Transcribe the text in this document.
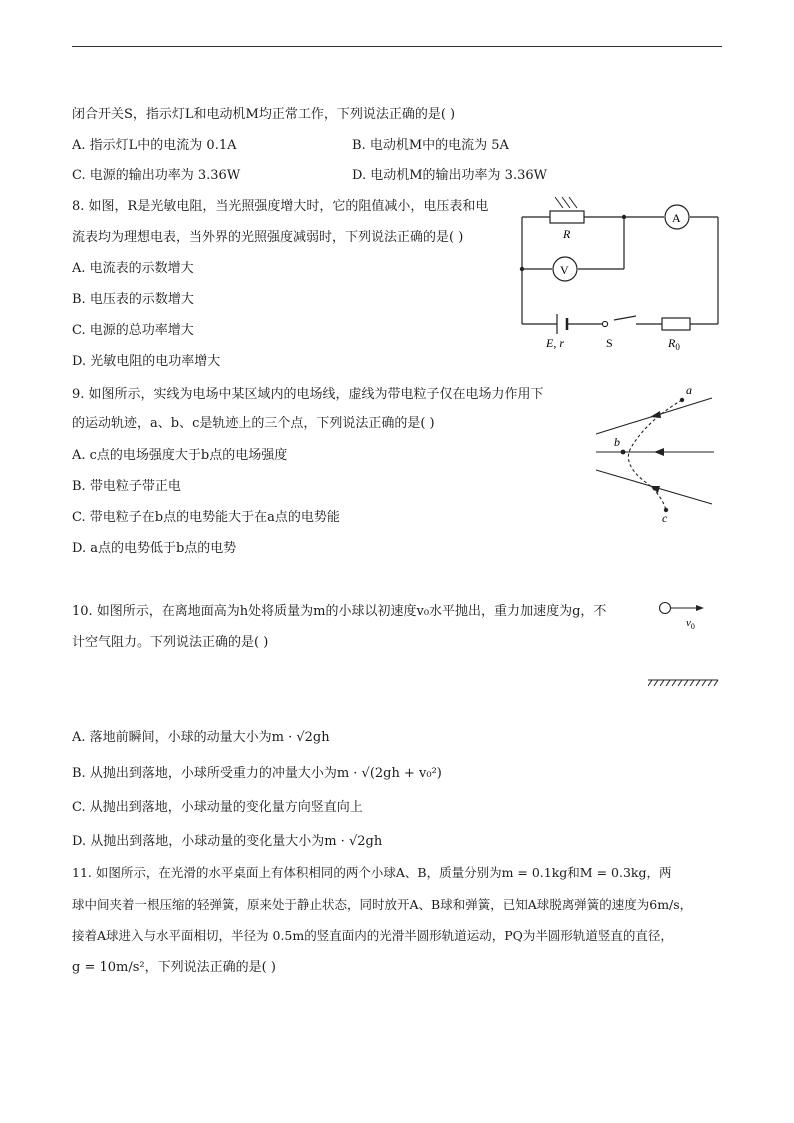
闭合开关S，指示灯L和电动机M均正常工作，下列说法正确的是( )
A. 指示灯L中的电流为 0.1A	B. 电动机M中的电流为 5A
C. 电源的输出功率为 3.36W	D. 电动机M的输出功率为 3.36W
8. 如图，R是光敏电阻，当光照强度增大时，它的阻值减小，电压表和电
流表均为理想电表，当外界的光照强度减弱时，下列说法正确的是( )
A. 电流表的示数增大
B. 电压表的示数增大
C. 电源的总功率增大
D. 光敏电阻的电功率增大
R
A
V
E, r	S	$R_0$
9. 如图所示，实线为电场中某区域内的电场线，虚线为带电粒子仅在电场力作用下
的运动轨迹，a、b、c是轨迹上的三个点，下列说法正确的是( )
A. c点的电场强度大于b点的电场强度
B. 带电粒子带正电
C. 带电粒子在b点的电势能大于在a点的电势能
D. a点的电势低于b点的电势
a
b
c
10. 如图所示，在离地面高为h处将质量为m的小球以初速度v₀水平抛出，重力加速度为g，不
计空气阻力。下列说法正确的是( )
$v_0$
A. 落地前瞬间，小球的动量大小为m · √2gh
B. 从抛出到落地，小球所受重力的冲量大小为m · √(2gh + v₀²)
C. 从抛出到落地，小球动量的变化量方向竖直向上
D. 从抛出到落地，小球动量的变化量大小为m · √2gh
11. 如图所示，在光滑的水平桌面上有体积相同的两个小球A、B，质量分别为m = 0.1kg和M = 0.3kg，两
球中间夹着一根压缩的轻弹簧，原来处于静止状态，同时放开A、B球和弹簧，已知A球脱离弹簧的速度为6m/s，
接着A球进入与水平面相切，半径为 0.5m的竖直面内的光滑半圆形轨道运动，PQ为半圆形轨道竖直的直径，
g = 10m/s²，下列说法正确的是( )
